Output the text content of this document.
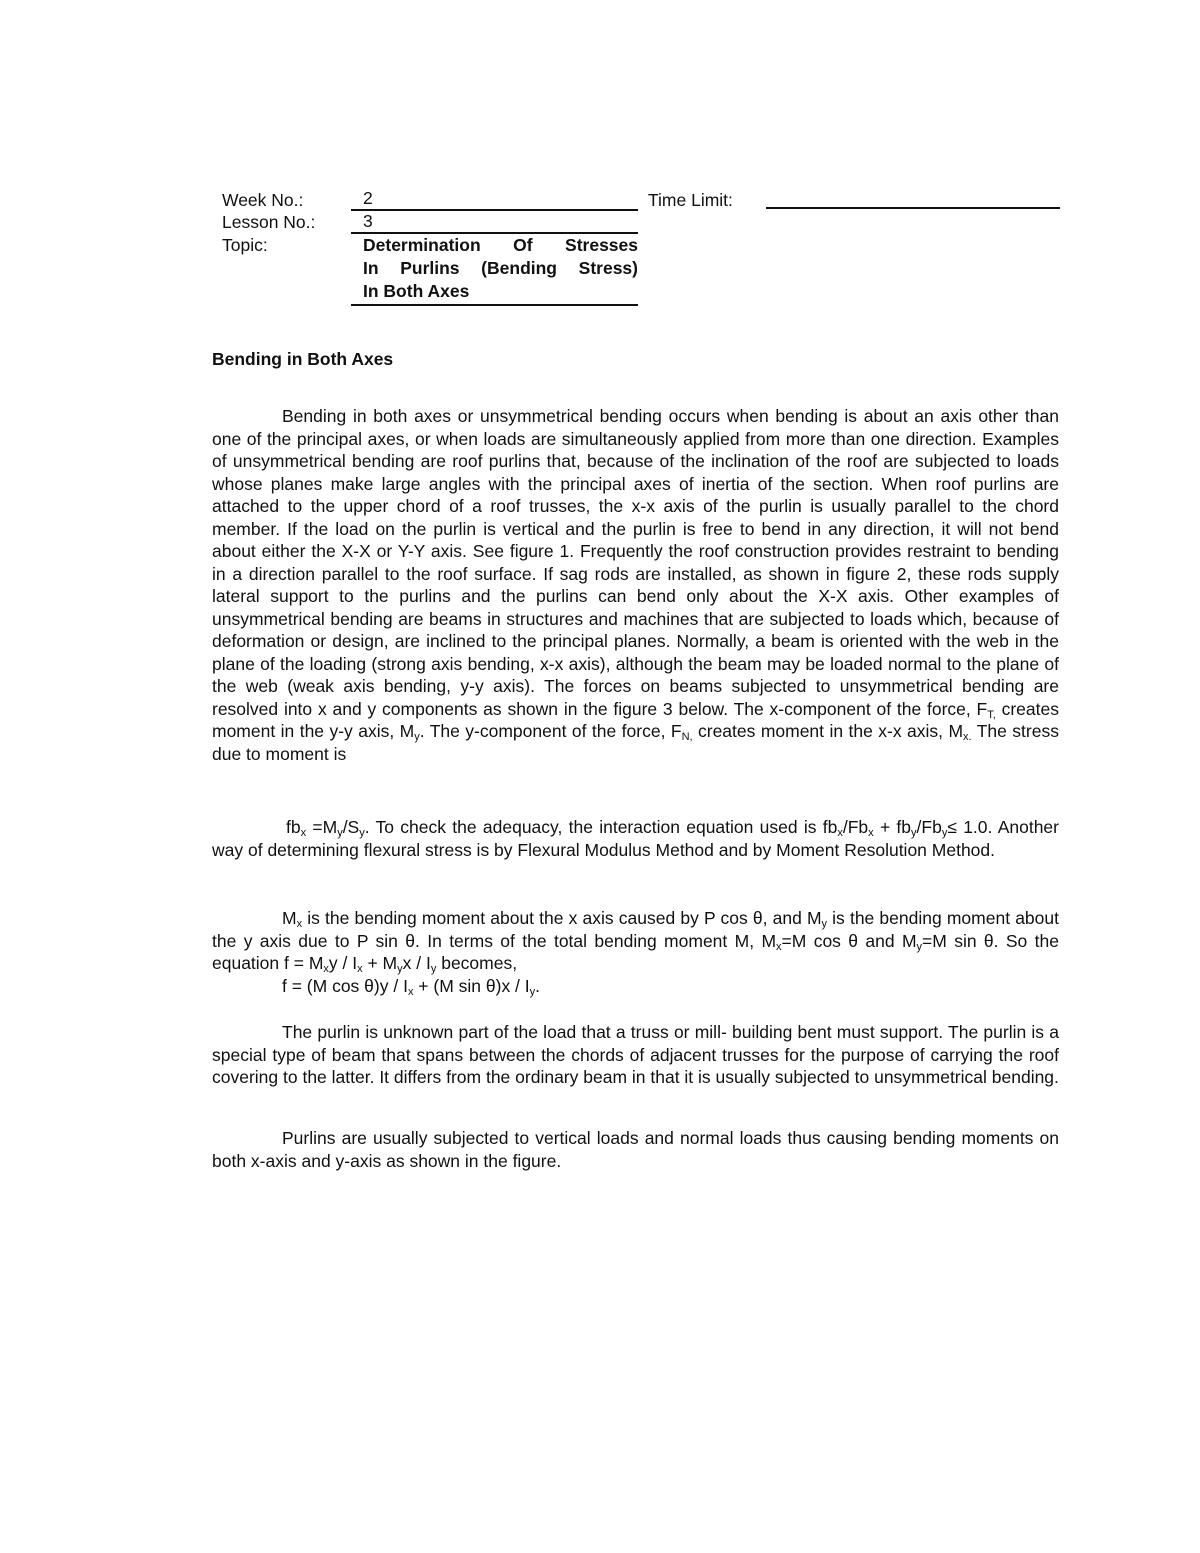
Week No.:	2
Lesson No.:	3
Topic:	Determination Of Stresses
In Purlins (Bending Stress)
In Both Axes
Time Limit:
Bending in Both Axes

Bending in both axes or unsymmetrical bending occurs when bending is about an axis other than one of the principal axes, or when loads are simultaneously applied from more than one direction. Examples of unsymmetrical bending are roof purlins that, because of the inclination of the roof are subjected to loads whose planes make large angles with the principal axes of inertia of the section. When roof purlins are attached to the upper chord of a roof trusses, the x-x axis of the purlin is usually parallel to the chord member. If the load on the purlin is vertical and the purlin is free to bend in any direction, it will not bend about either the X-X or Y-Y axis. See figure 1. Frequently the roof construction provides restraint to bending in a direction parallel to the roof surface. If sag rods are installed, as shown in figure 2, these rods supply lateral support to the purlins and the purlins can bend only about the X-X axis. Other examples of unsymmetrical bending are beams in structures and machines that are subjected to loads which, because of deformation or design, are inclined to the principal planes. Normally, a beam is oriented with the web in the plane of the loading (strong axis bending, x-x axis), although the beam may be loaded normal to the plane of the web (weak axis bending, y-y axis). The forces on beams subjected to unsymmetrical bending are resolved into x and y components as shown in the figure 3 below. The x-component of the force, $F_{T,}$ creates moment in the y-y axis, $M_y$. The y-component of the force, $F_{N,}$ creates moment in the x-x axis, $M_{x.}$ The stress due to moment is

$fb_x =M_y/S_y$. To check the adequacy, the interaction equation used is $fb_x/Fb_x + fb_y/Fb_y\le 1.0$. Another way of determining flexural stress is by Flexural Modulus Method and by Moment Resolution Method.

$M_x$ is the bending moment about the x axis caused by P cos θ, and $M_y$ is the bending moment about the y axis due to P sin θ. In terms of the total bending moment M, $M_x=M$ cos θ and $M_y=M$ sin θ. So the equation $f = M_xy / I_x + M_yx / I_y$ becomes,
f = (M $\cos \theta)y / I_x + (M$ $\sin \theta)x / I_y$.

The purlin is unknown part of the load that a truss or mill- building bent must support. The purlin is a special type of beam that spans between the chords of adjacent trusses for the purpose of carrying the roof covering to the latter. It differs from the ordinary beam in that it is usually subjected to unsymmetrical bending.

Purlins are usually subjected to vertical loads and normal loads thus causing bending moments on both x-axis and y-axis as shown in the figure.
